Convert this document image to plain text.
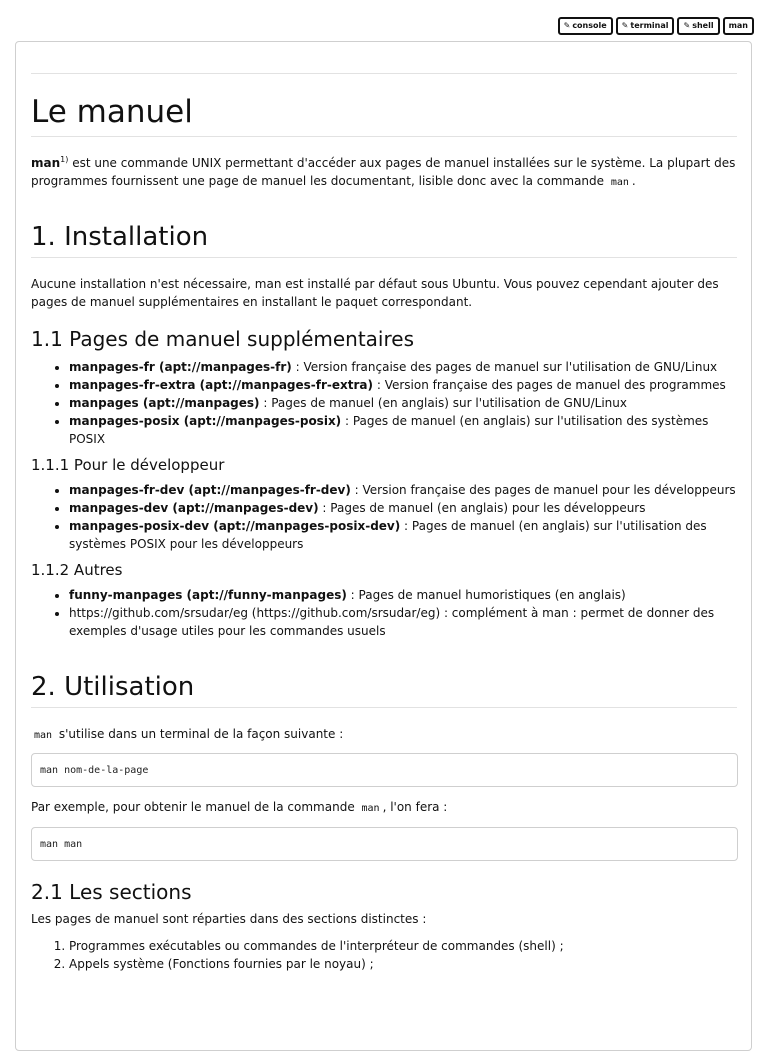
✎ console ✎ terminal ✎ shell man
Le manuel

man$^{1)}$ est une commande UNIX permettant d'accéder aux pages de manuel installées sur le système. La plupart des programmes fournissent une page de manuel les documentant, lisible donc avec la commande man .

1. Installation

Aucune installation n'est nécessaire, man est installé par défaut sous Ubuntu. Vous pouvez cependant ajouter des pages de manuel supplémentaires en installant le paquet correspondant.

1.1 Pages de manuel supplémentaires
• manpages-fr (apt://manpages-fr) : Version française des pages de manuel sur l'utilisation de GNU/Linux
• manpages-fr-extra (apt://manpages-fr-extra) : Version française des pages de manuel des programmes
• manpages (apt://manpages) : Pages de manuel (en anglais) sur l'utilisation de GNU/Linux
• manpages-posix (apt://manpages-posix) : Pages de manuel (en anglais) sur l'utilisation des systèmes POSIX
1.1.1 Pour le développeur
• manpages-fr-dev (apt://manpages-fr-dev) : Version française des pages de manuel pour les développeurs
• manpages-dev (apt://manpages-dev) : Pages de manuel (en anglais) pour les développeurs
• manpages-posix-dev (apt://manpages-posix-dev) : Pages de manuel (en anglais) sur l'utilisation des systèmes POSIX pour les développeurs
1.1.2 Autres
• funny-manpages (apt://funny-manpages) : Pages de manuel humoristiques (en anglais)
• https://github.com/srsudar/eg (https://github.com/srsudar/eg) : complément à man : permet de donner des exemples d'usage utiles pour les commandes usuels
2. Utilisation

man s'utilise dans un terminal de la façon suivante :

man nom-de-la-page

Par exemple, pour obtenir le manuel de la commande man , l'on fera :

man man
2.1 Les sections

Les pages de manuel sont réparties dans des sections distinctes :

1. Programmes exécutables ou commandes de l'interpréteur de commandes (shell) ;
2. Appels système (Fonctions fournies par le noyau) ;
